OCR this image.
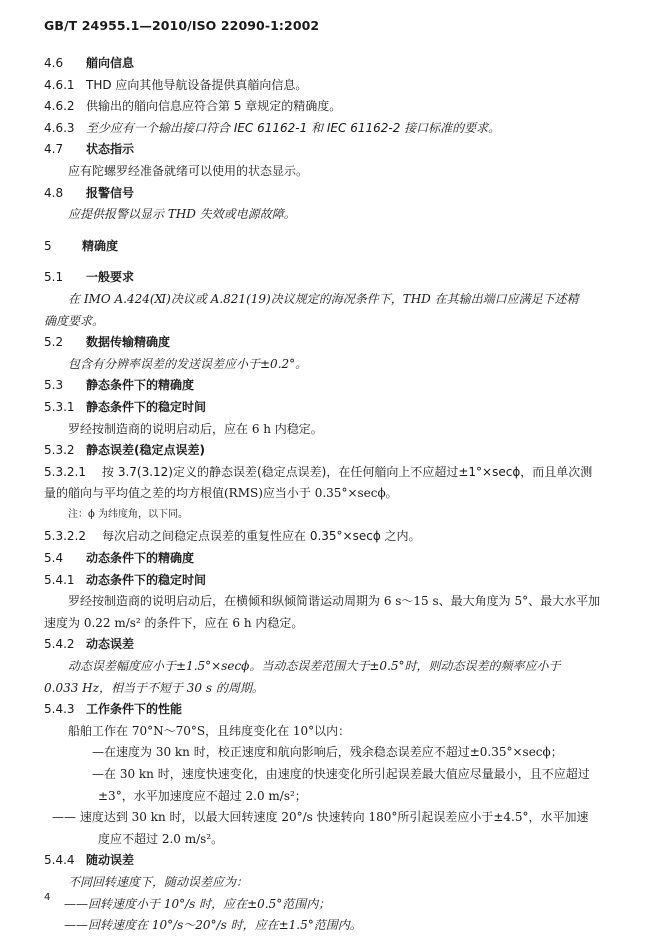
GB/T 24955.1—2010/ISO 22090-1:2002
4.6 艏向信息
4.6.1 THD 应向其他导航设备提供真艏向信息。
4.6.2 供输出的艏向信息应符合第 5 章规定的精确度。
4.6.3 至少应有一个输出接口符合 IEC 61162-1 和 IEC 61162-2 接口标准的要求。
4.7 状态指示
应有陀螺罗经准备就绪可以使用的状态显示。
4.8 报警信号
应提供报警以显示 THD 失效或电源故障。
5	精确度
5.1 一般要求
在 IMO A.424(Ⅺ)决议或 A.821(19)决议规定的海况条件下，THD 在其输出端口应满足下述精
确度要求。
5.2 数据传输精确度
包含有分辨率误差的发送误差应小于±0.2°。
5.3 静态条件下的精确度
5.3.1 静态条件下的稳定时间
罗经按制造商的说明启动后，应在 6 h 内稳定。
5.3.2 静态误差(稳定点误差)
5.3.2.1 按 3.7(3.12)定义的静态误差(稳定点误差)，在任何艏向上不应超过±1°×secϕ，而且单次测
量的艏向与平均值之差的均方根值(RMS)应当小于 0.35°×secϕ。
注：ϕ 为纬度角，以下同。
5.3.2.2 每次启动之间稳定点误差的重复性应在 0.35°×secϕ 之内。
5.4 动态条件下的精确度
5.4.1 动态条件下的稳定时间
罗经按制造商的说明启动后，在横倾和纵倾简谐运动周期为 6 s～15 s、最大角度为 5°、最大水平加
速度为 0.22 m/s² 的条件下，应在 6 h 内稳定。
5.4.2 动态误差
动态误差幅度应小于±1.5°×secϕ。当动态误差范围大于±0.5°时，则动态误差的频率应小于
0.033 Hz，相当于不短于 30 s 的周期。
5.4.3 工作条件下的性能
船舶工作在 70°N～70°S，且纬度变化在 10°以内：
—在速度为 30 kn 时，校正速度和航向影响后，残余稳态误差应不超过±0.35°×secϕ；
—在 30 kn 时，速度快速变化，由速度的快速变化所引起误差最大值应尽量最小，且不应超过
±3°，水平加速度应不超过 2.0 m/s²；
—— 速度达到 30 kn 时，以最大回转速度 20°/s 快速转向 180°所引起误差应小于±4.5°，水平加速
度应不超过 2.0 m/s²。
5.4.4 随动误差
不同回转速度下，随动误差应为：
——回转速度小于 10°/s 时，应在±0.5°范围内；
——回转速度在 10°/s～20°/s 时，应在±1.5°范围内。
4
